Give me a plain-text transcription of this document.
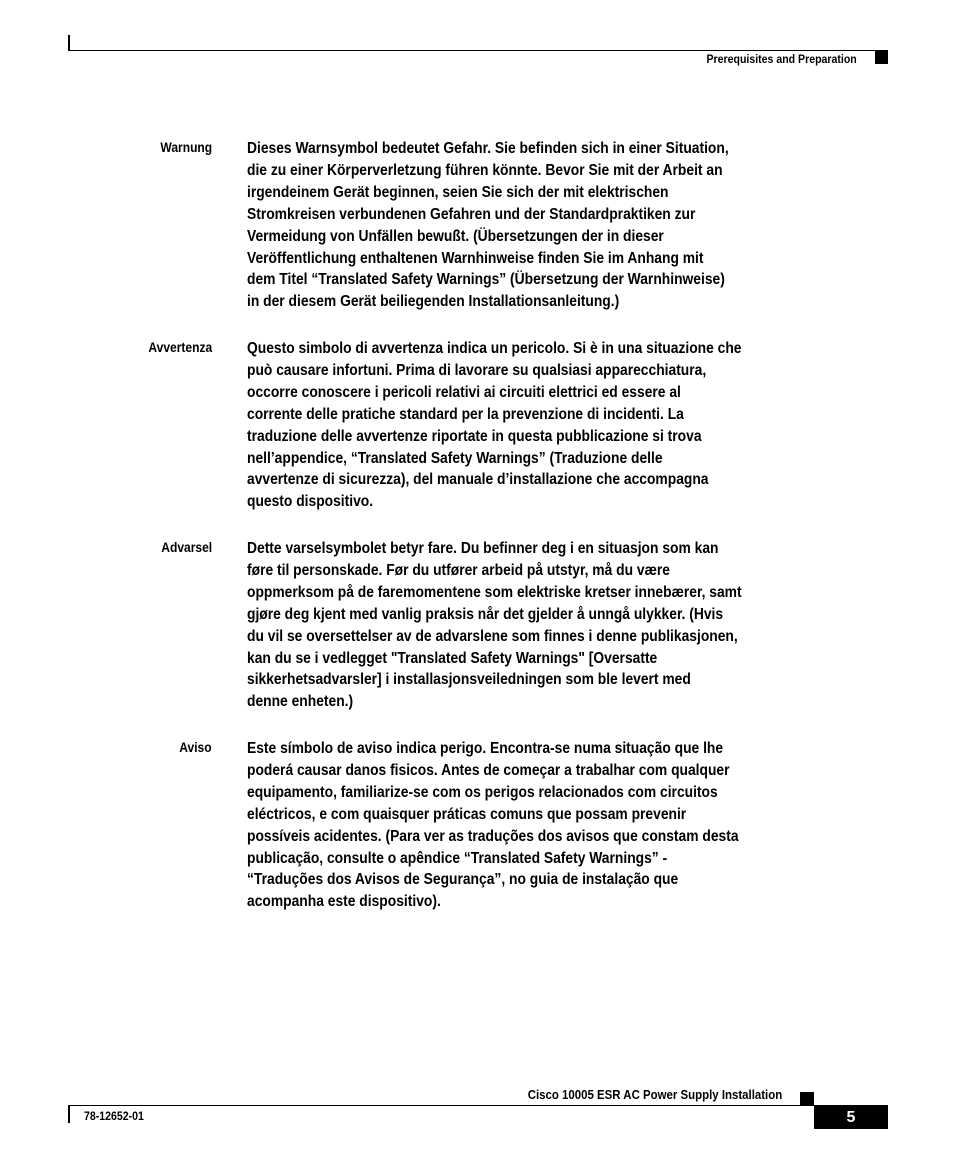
Prerequisites and Preparation
Warnung Dieses Warnsymbol bedeutet Gefahr. Sie befinden sich in einer Situation,
die zu einer Körperverletzung führen könnte. Bevor Sie mit der Arbeit an
irgendeinem Gerät beginnen, seien Sie sich der mit elektrischen
Stromkreisen verbundenen Gefahren und der Standardpraktiken zur
Vermeidung von Unfällen bewußt. (Übersetzungen der in dieser
Veröffentlichung enthaltenen Warnhinweise finden Sie im Anhang mit
dem Titel “Translated Safety Warnings” (Übersetzung der Warnhinweise)
in der diesem Gerät beiliegenden Installationsanleitung.)
Avvertenza Questo simbolo di avvertenza indica un pericolo. Si è in una situazione che
può causare infortuni. Prima di lavorare su qualsiasi apparecchiatura,
occorre conoscere i pericoli relativi ai circuiti elettrici ed essere al
corrente delle pratiche standard per la prevenzione di incidenti. La
traduzione delle avvertenze riportate in questa pubblicazione si trova
nell’appendice, “Translated Safety Warnings” (Traduzione delle
avvertenze di sicurezza), del manuale d’installazione che accompagna
questo dispositivo.
Advarsel Dette varselsymbolet betyr fare. Du befinner deg i en situasjon som kan
føre til personskade. Før du utfører arbeid på utstyr, må du være
oppmerksom på de faremomentene som elektriske kretser innebærer, samt
gjøre deg kjent med vanlig praksis når det gjelder å unngå ulykker. (Hvis
du vil se oversettelser av de advarslene som finnes i denne publikasjonen,
kan du se i vedlegget "Translated Safety Warnings" [Oversatte
sikkerhetsadvarsler] i installasjonsveiledningen som ble levert med
denne enheten.)
Aviso Este símbolo de aviso indica perigo. Encontra-se numa situação que lhe
poderá causar danos fisicos. Antes de começar a trabalhar com qualquer
equipamento, familiarize-se com os perigos relacionados com circuitos
eléctricos, e com quaisquer práticas comuns que possam prevenir
possíveis acidentes. (Para ver as traduções dos avisos que constam desta
publicação, consulte o apêndice “Translated Safety Warnings” -
“Traduções dos Avisos de Segurança”, no guia de instalação que
acompanha este dispositivo).
Cisco 10005 ESR AC Power Supply Installation
78-12652-01	5
